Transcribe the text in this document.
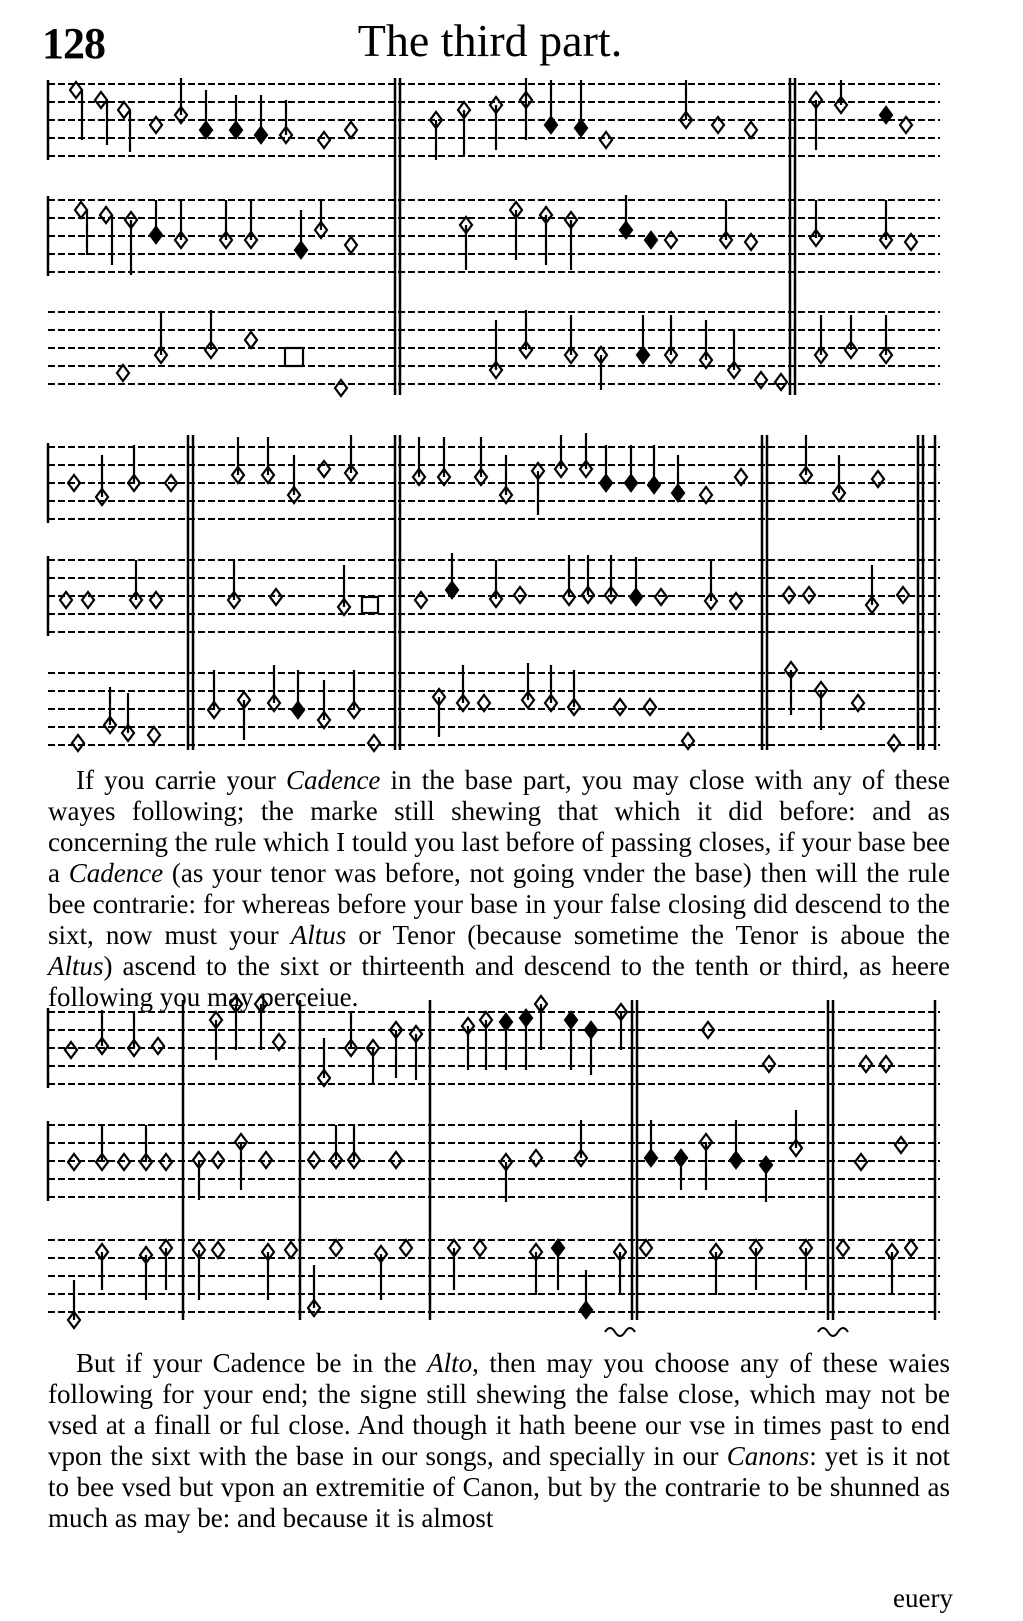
128	The third part.

If you carrie your Cadence in the base part, you may close with any of these wayes following; the marke still shewing that which it did before: and as concerning the rule which I tould you last before of passing closes, if your base bee a Cadence (as your tenor was before, not going vnder the base) then will the rule bee contrarie: for whereas before your base in your false closing did descend to the sixt, now must your Altus or Tenor (because sometime the Tenor is aboue the Altus) ascend to the sixt or thirteenth and descend to the tenth or third, as heere following you may perceiue.

But if your Cadence be in the Alto, then may you choose any of these waies following for your end; the signe still shewing the false close, which may not be vsed at a finall or ful close. And though it hath beene our vse in times past to end vpon the sixt with the base in our songs, and specially in our Canons: yet is it not to bee vsed but vpon an extremitie of Canon, but by the contrarie to be shunned as much as may be: and because it is almost

euery
